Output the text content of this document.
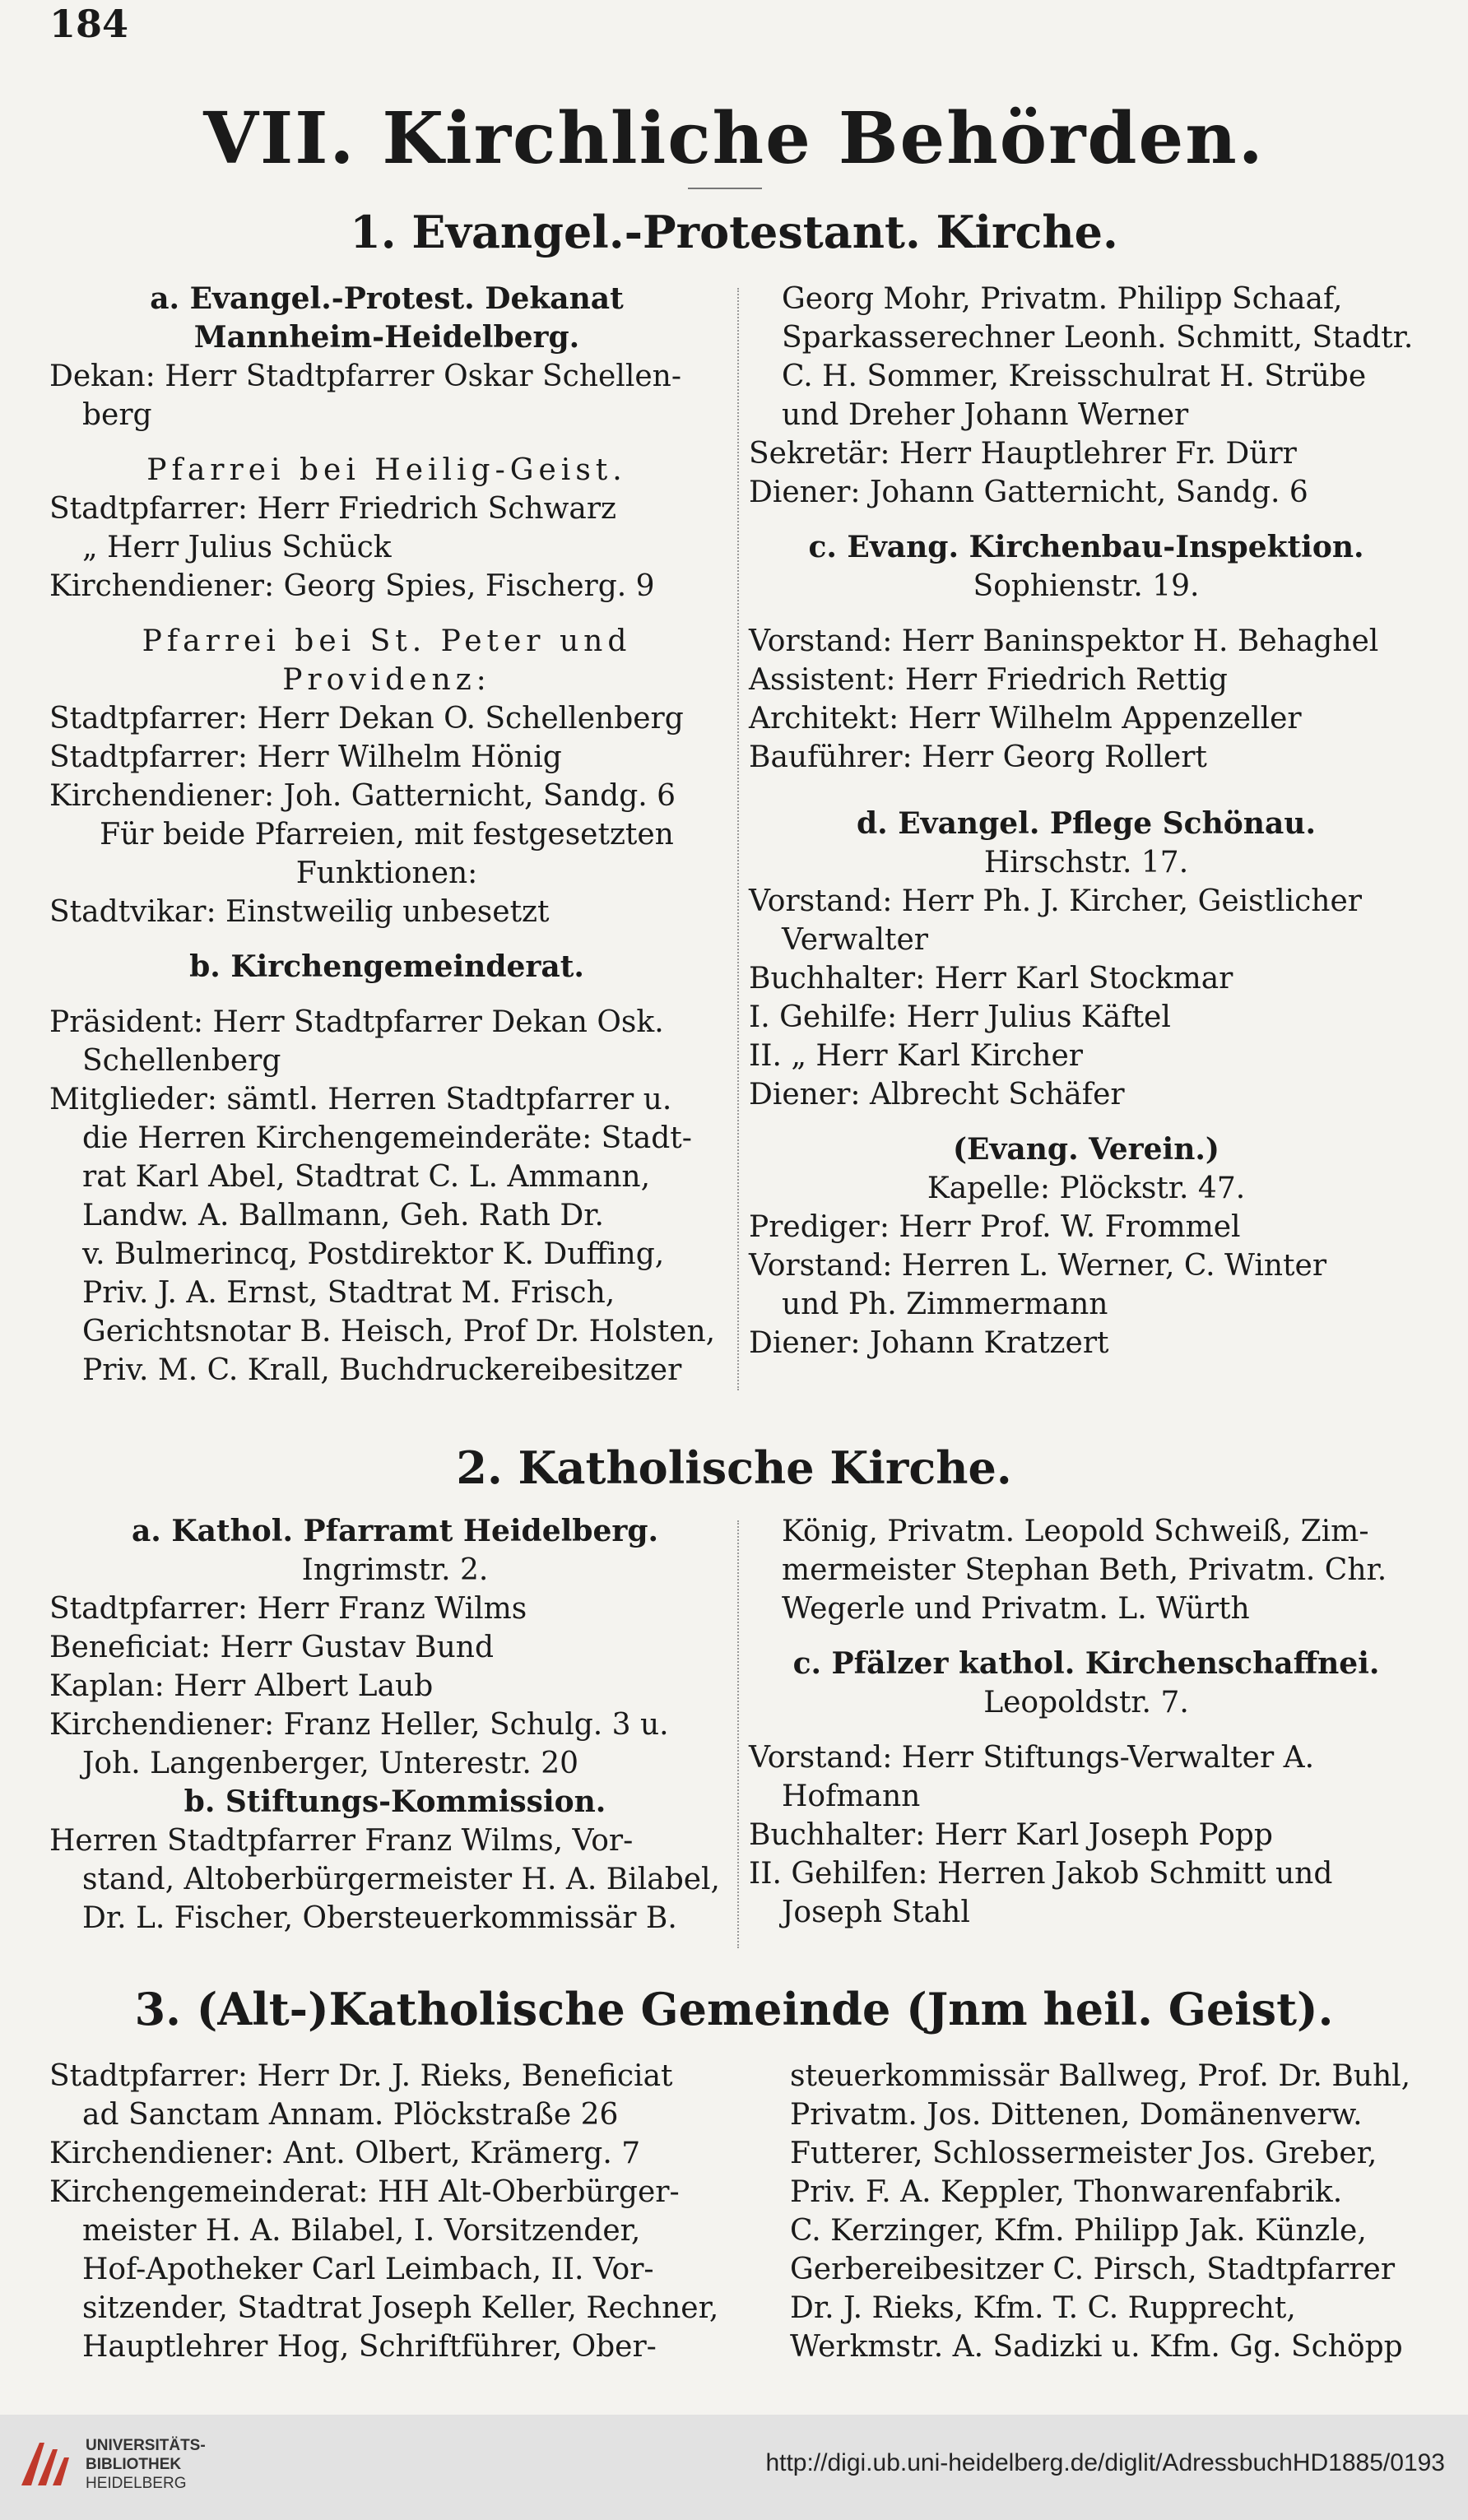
184
VII. Kirchliche Behörden.
1. Evangel.-Protestant. Kirche.

a. Evangel.-Protest. Dekanat

Mannheim-Heidelberg.

Dekan: Herr Stadtpfarrer Oskar Schellen-

berg

Pfarrei bei Heilig-Geist.

Stadtpfarrer: Herr Friedrich Schwarz

„ Herr Julius Schück

Kirchendiener: Georg Spies, Fischerg. 9

Pfarrei bei St. Peter und

Providenz:

Stadtpfarrer: Herr Dekan O. Schellenberg

Stadtpfarrer: Herr Wilhelm Hönig

Kirchendiener: Joh. Gatternicht, Sandg. 6

Für beide Pfarreien, mit festgesetzten

Funktionen:

Stadtvikar: Einstweilig unbesetzt

b. Kirchengemeinderat.

Präsident: Herr Stadtpfarrer Dekan Osk.

Schellenberg

Mitglieder: sämtl. Herren Stadtpfarrer u.

die Herren Kirchengemeinderäte: Stadt-

rat Karl Abel, Stadtrat C. L. Ammann,

Landw. A. Ballmann, Geh. Rath Dr.

v. Bulmerincq, Postdirektor K. Duffing,

Priv. J. A. Ernst, Stadtrat M. Frisch,

Gerichtsnotar B. Heisch, Prof Dr. Holsten,

Priv. M. C. Krall, Buchdruckereibesitzer

Georg Mohr, Privatm. Philipp Schaaf,

Sparkasserechner Leonh. Schmitt, Stadtr.

C. H. Sommer, Kreisschulrat H. Strübe

und Dreher Johann Werner

Sekretär: Herr Hauptlehrer Fr. Dürr

Diener: Johann Gatternicht, Sandg. 6

c. Evang. Kirchenbau-Inspektion.

Sophienstr. 19.

Vorstand: Herr Baninspektor H. Behaghel

Assistent: Herr Friedrich Rettig

Architekt: Herr Wilhelm Appenzeller

Bauführer: Herr Georg Rollert

d. Evangel. Pflege Schönau.

Hirschstr. 17.

Vorstand: Herr Ph. J. Kircher, Geistlicher

Verwalter

Buchhalter: Herr Karl Stockmar

I. Gehilfe: Herr Julius Käftel

II. „ Herr Karl Kircher

Diener: Albrecht Schäfer

(Evang. Verein.)

Kapelle: Plöckstr. 47.

Prediger: Herr Prof. W. Frommel

Vorstand: Herren L. Werner, C. Winter

und Ph. Zimmermann

Diener: Johann Kratzert

2. Katholische Kirche.

a. Kathol. Pfarramt Heidelberg.

Ingrimstr. 2.

Stadtpfarrer: Herr Franz Wilms

Beneficiat: Herr Gustav Bund

Kaplan: Herr Albert Laub

Kirchendiener: Franz Heller, Schulg. 3 u.

Joh. Langenberger, Unterestr. 20

b. Stiftungs-Kommission.

Herren Stadtpfarrer Franz Wilms, Vor-

stand, Altoberbürgermeister H. A. Bilabel,

Dr. L. Fischer, Obersteuerkommissär B.

König, Privatm. Leopold Schweiß, Zim-

mermeister Stephan Beth, Privatm. Chr.

Wegerle und Privatm. L. Würth

c. Pfälzer kathol. Kirchenschaffnei.

Leopoldstr. 7.

Vorstand: Herr Stiftungs-Verwalter A.

Hofmann

Buchhalter: Herr Karl Joseph Popp

II. Gehilfen: Herren Jakob Schmitt und

Joseph Stahl

3. (Alt-)Katholische Gemeinde (Jnm heil. Geist).

Stadtpfarrer: Herr Dr. J. Rieks, Beneficiat

ad Sanctam Annam. Plöckstraße 26

Kirchendiener: Ant. Olbert, Krämerg. 7

Kirchengemeinderat: HH Alt-Oberbürger-

meister H. A. Bilabel, I. Vorsitzender,

Hof-Apotheker Carl Leimbach, II. Vor-

sitzender, Stadtrat Joseph Keller, Rechner,

Hauptlehrer Hog, Schriftführer, Ober-

steuerkommissär Ballweg, Prof. Dr. Buhl,

Privatm. Jos. Dittenen, Domänenverw.

Futterer, Schlossermeister Jos. Greber,

Priv. F. A. Keppler, Thonwarenfabrik.

C. Kerzinger, Kfm. Philipp Jak. Künzle,

Gerbereibesitzer C. Pirsch, Stadtpfarrer

Dr. J. Rieks, Kfm. T. C. Rupprecht,

Werkmstr. A. Sadizki u. Kfm. Gg. Schöpp

UNIVERSITÄTS-
BIBLIOTHEK
HEIDELBERG
http://digi.ub.uni-heidelberg.de/diglit/AdressbuchHD1885/0193
